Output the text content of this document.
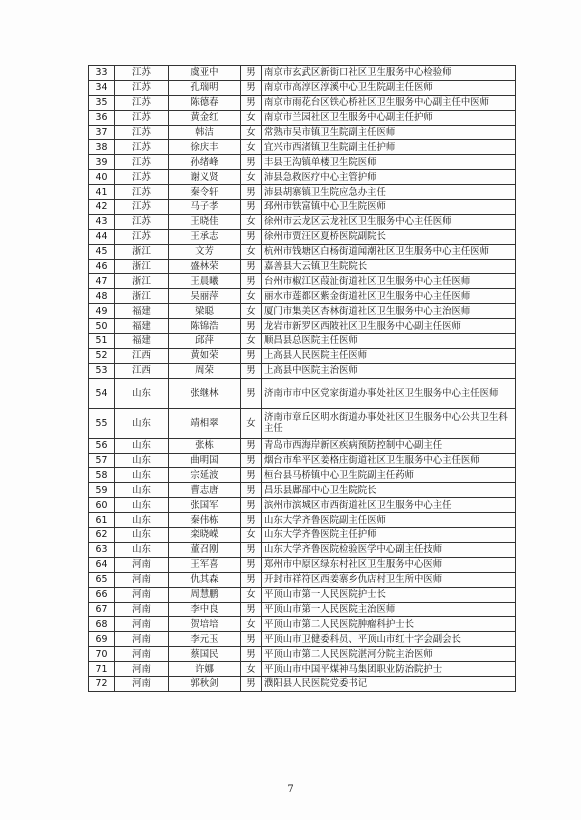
33	江苏	虞亚中	男	南京市玄武区新街口社区卫生服务中心检验师
34	江苏	孔瑞明	男	南京市高淳区淳溪中心卫生院副主任医师
35	江苏	陈德春	男	南京市雨花台区铁心桥社区卫生服务中心副主任中医师
36	江苏	黄金红	女	南京市兰园社区卫生服务中心副主任护师
37	江苏	韩洁	女	常熟市吴市镇卫生院副主任医师
38	江苏	徐庆丰	女	宜兴市西渚镇卫生院副主任护师
39	江苏	孙绪峰	男	丰县王沟镇单楼卫生院医师
40	江苏	谢义贤	女	沛县急救医疗中心主管护师
41	江苏	秦令轩	男	沛县胡寨镇卫生院应急办主任
42	江苏	马子孝	男	邳州市铁富镇中心卫生院医师
43	江苏	王晓佳	女	徐州市云龙区云龙社区卫生服务中心主任医师
44	江苏	王承志	男	徐州市贾汪区夏桥医院副院长
45	浙江	文芳	女	杭州市钱塘区白杨街道闻潮社区卫生服务中心主任医师
46	浙江	盛林荣	男	嘉善县大云镇卫生院院长
47	浙江	王晨曦	男	台州市椒江区葭沚街道社区卫生服务中心主任医师
48	浙江	吴丽萍	女	丽水市莲都区紫金街道社区卫生服务中心主任医师
49	福建	梁聪	女	厦门市集美区杏林街道社区卫生服务中心主治医师
50	福建	陈锦浩	男	龙岩市新罗区西陂社区卫生服务中心副主任医师
51	福建	邱萍	女	顺昌县总医院主任医师
52	江西	黄如荣	男	上高县人民医院主任医师
53	江西	周荣	男	上高县中医院主治医师
54	山东	张继林	男	济南市市中区党家街道办事处社区卫生服务中心主任医师
55	山东	靖相翠	女	济南市章丘区明水街道办事处社区卫生服务中心公共卫生科主任
56	山东	张栋	男	青岛市西海岸新区疾病预防控制中心副主任
57	山东	曲明国	男	烟台市牟平区姜格庄街道社区卫生服务中心主任医师
58	山东	宗延波	男	桓台县马桥镇中心卫生院副主任药师
59	山东	曹志唐	男	昌乐县鄌郚中心卫生院院长
60	山东	张国军	男	滨州市滨城区市西街道社区卫生服务中心主任
61	山东	秦伟栋	男	山东大学齐鲁医院副主任医师
62	山东	栾晓嵘	女	山东大学齐鲁医院主任护师
63	山东	董召刚	男	山东大学齐鲁医院检验医学中心副主任技师
64	河南	王军喜	男	郑州市中原区绿东村社区卫生服务中心医师
65	河南	仇其森	男	开封市祥符区西姜寨乡仇店村卫生所中医师
66	河南	周慧鹏	女	平顶山市第一人民医院护士长
67	河南	李中良	男	平顶山市第一人民医院主治医师
68	河南	贺培培	女	平顶山市第二人民医院肿瘤科护士长
69	河南	李元玉	男	平顶山市卫健委科员、平顶山市红十字会副会长
70	河南	蔡国民	男	平顶山市第二人民医院湛河分院主治医师
71	河南	许娜	女	平顶山市中国平煤神马集团职业防治院护士
72	河南	郭秋剑	男	濮阳县人民医院党委书记
7
